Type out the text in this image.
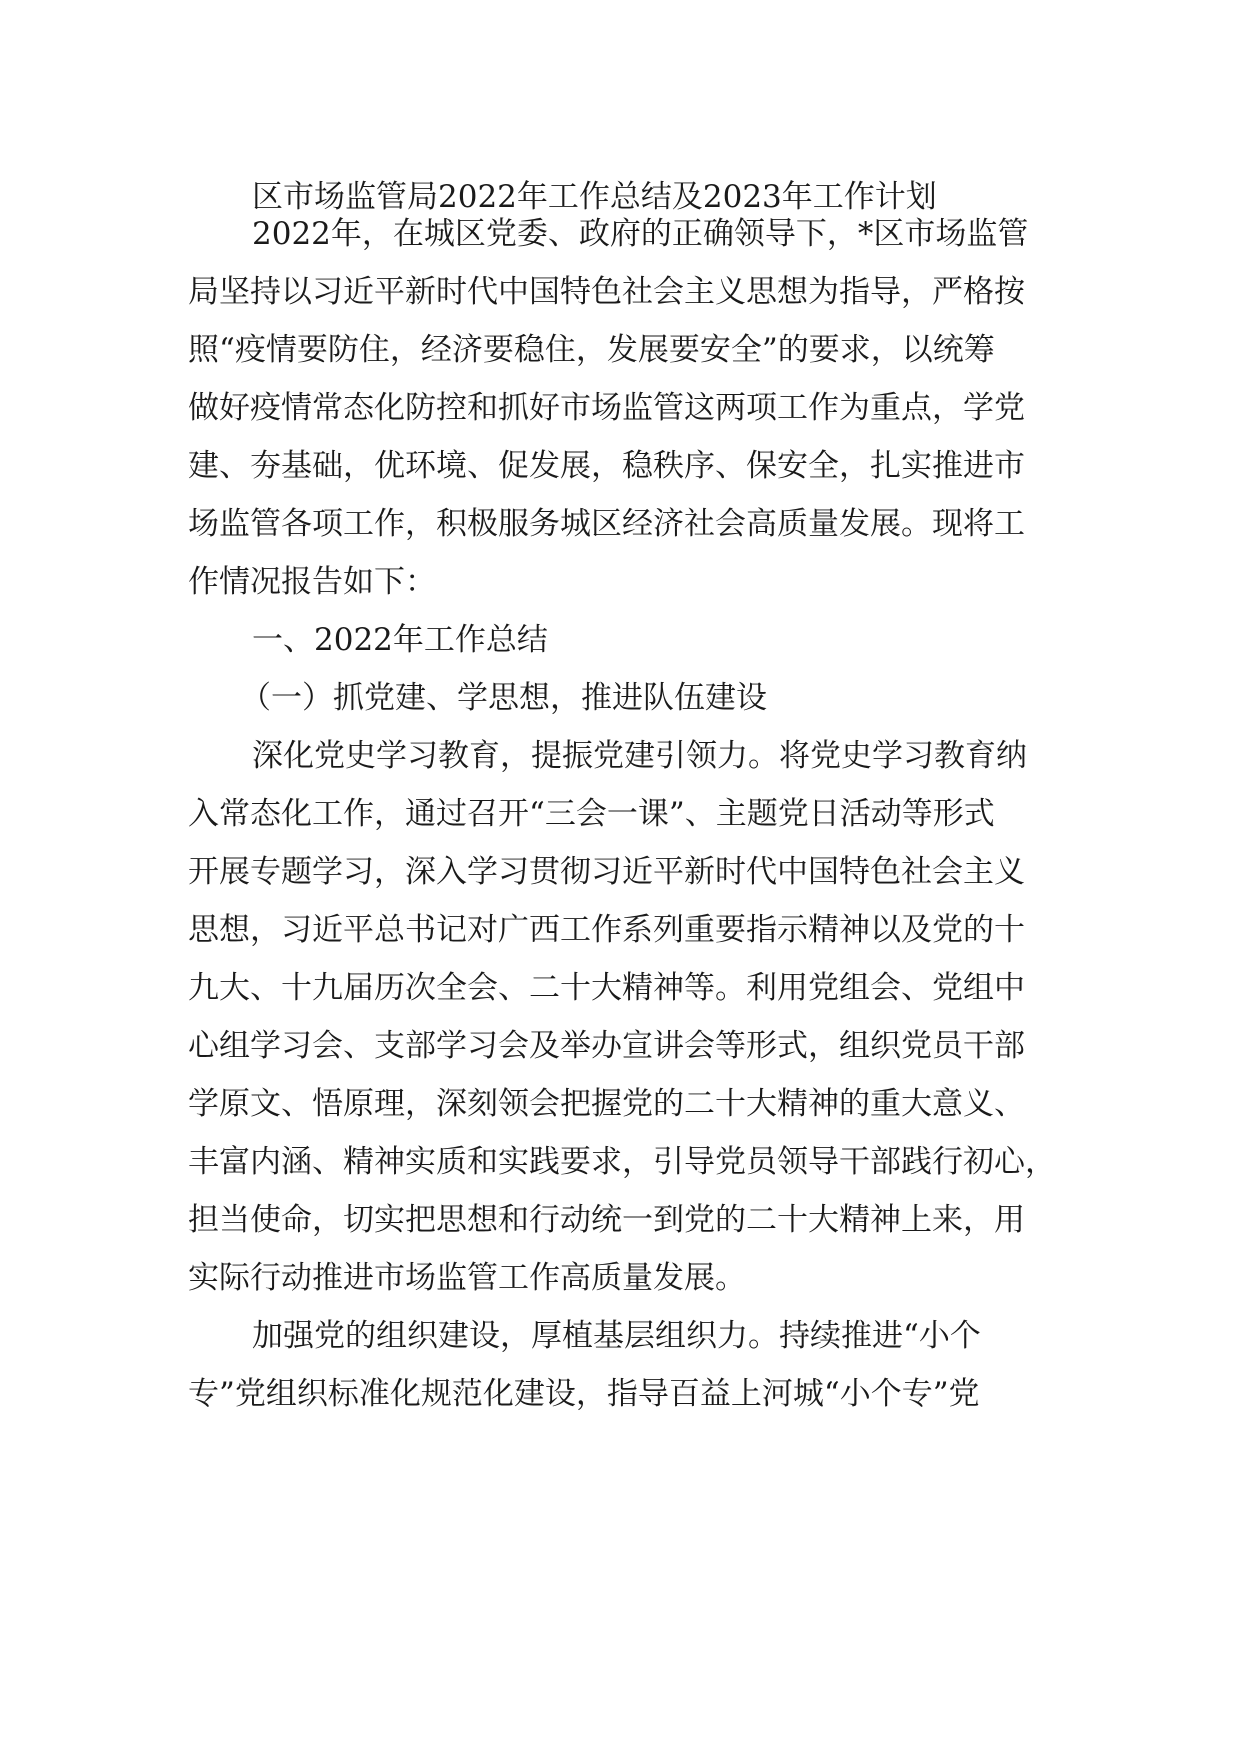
区市场监管局2022年工作总结及2023年工作计划
2022年，在城区党委、政府的正确领导下，*区市场监管
局坚持以习近平新时代中国特色社会主义思想为指导，严格按
照“疫情要防住，经济要稳住，发展要安全”的要求，以统筹
做好疫情常态化防控和抓好市场监管这两项工作为重点，学党
建、夯基础，优环境、促发展，稳秩序、保安全，扎实推进市
场监管各项工作，积极服务城区经济社会高质量发展。现将工
作情况报告如下：
一、2022年工作总结
（一）抓党建、学思想，推进队伍建设
深化党史学习教育，提振党建引领力。将党史学习教育纳
入常态化工作，通过召开“三会一课”、主题党日活动等形式
开展专题学习，深入学习贯彻习近平新时代中国特色社会主义
思想，习近平总书记对广西工作系列重要指示精神以及党的十
九大、十九届历次全会、二十大精神等。利用党组会、党组中
心组学习会、支部学习会及举办宣讲会等形式，组织党员干部
学原文、悟原理，深刻领会把握党的二十大精神的重大意义、
丰富内涵、精神实质和实践要求，引导党员领导干部践行初心，
担当使命，切实把思想和行动统一到党的二十大精神上来，用
实际行动推进市场监管工作高质量发展。
加强党的组织建设，厚植基层组织力。持续推进“小个
专”党组织标准化规范化建设，指导百益上河城“小个专”党
